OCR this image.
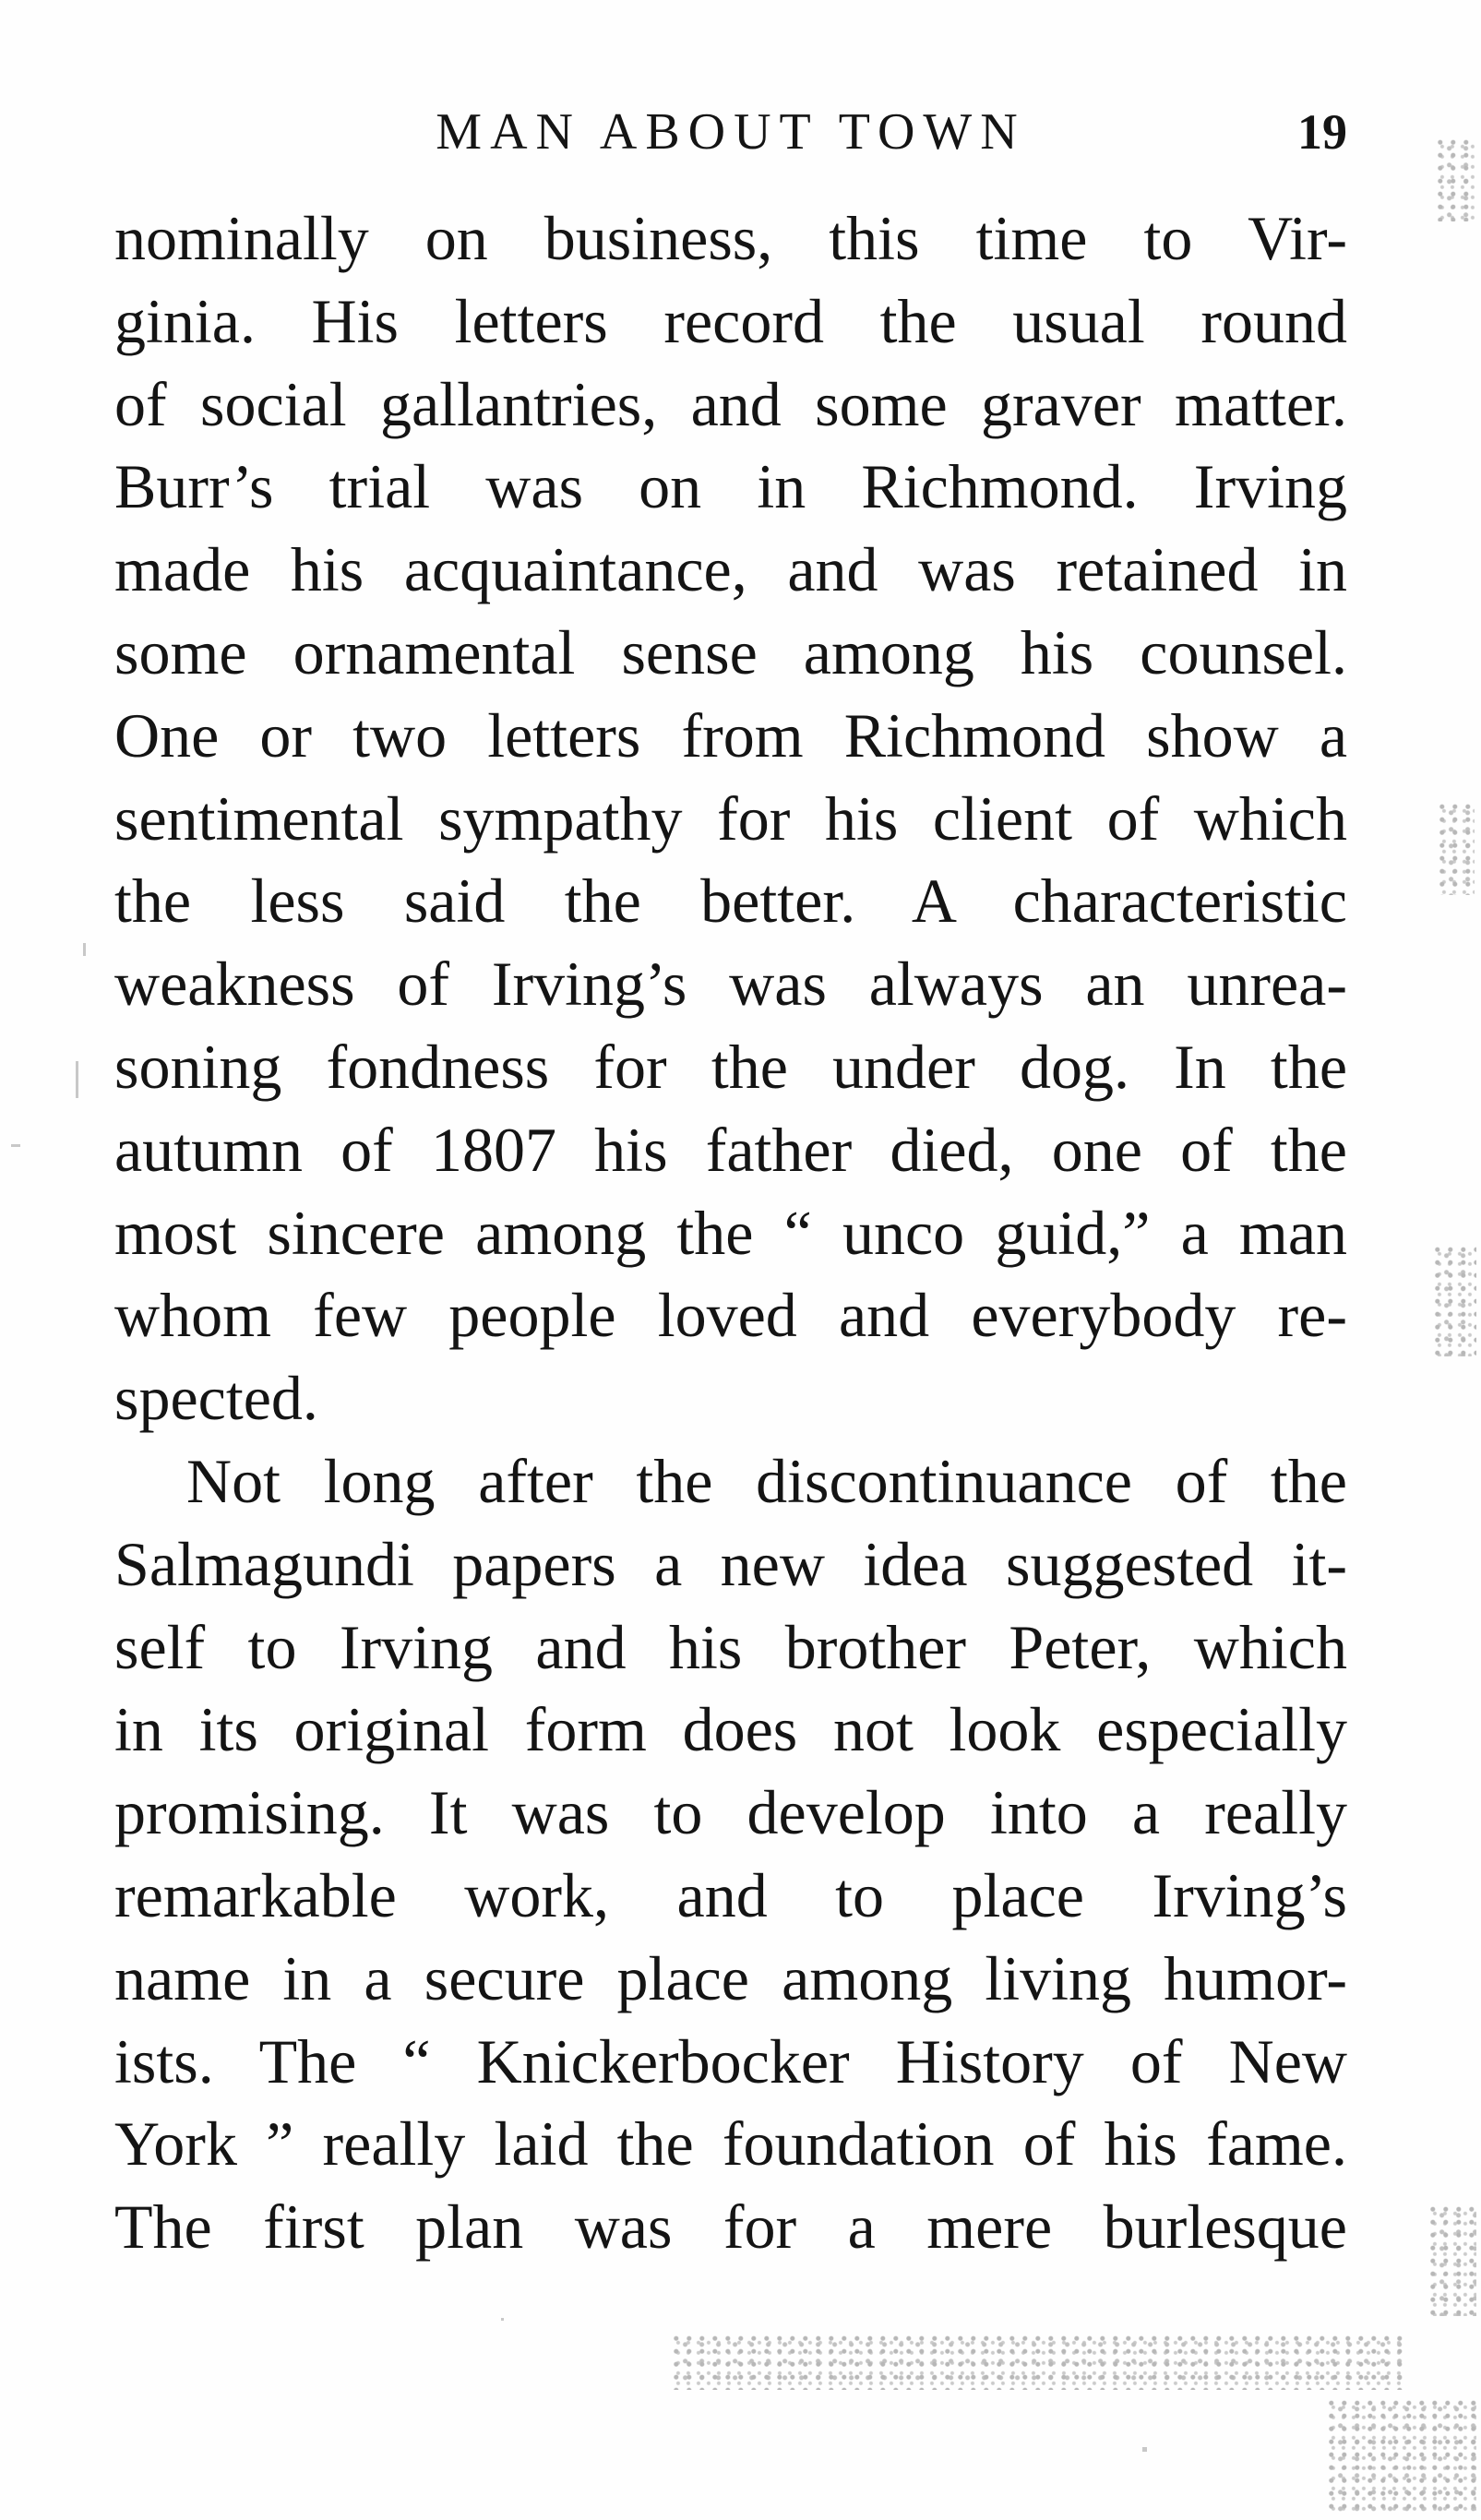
MAN ABOUT TOWN	19
nominally on business, this time to Vir-
ginia. His letters record the usual round
of social gallantries, and some graver matter.
Burr’s trial was on in Richmond. Irving
made his acquaintance, and was retained in
some ornamental sense among his counsel.
One or two letters from Richmond show a
sentimental sympathy for his client of which
the less said the better. A characteristic
weakness of Irving’s was always an unrea-
soning fondness for the under dog. In the
autumn of 1807 his father died, one of the
most sincere among the “ unco guid,” a man
whom few people loved and everybody re-
spected.
Not long after the discontinuance of the
Salmagundi papers a new idea suggested it-
self to Irving and his brother Peter, which
in its original form does not look especially
promising. It was to develop into a really
remarkable work, and to place Irving’s
name in a secure place among living humor-
ists. The “ Knickerbocker History of New
York ” really laid the foundation of his fame.
The first plan was for a mere burlesque
